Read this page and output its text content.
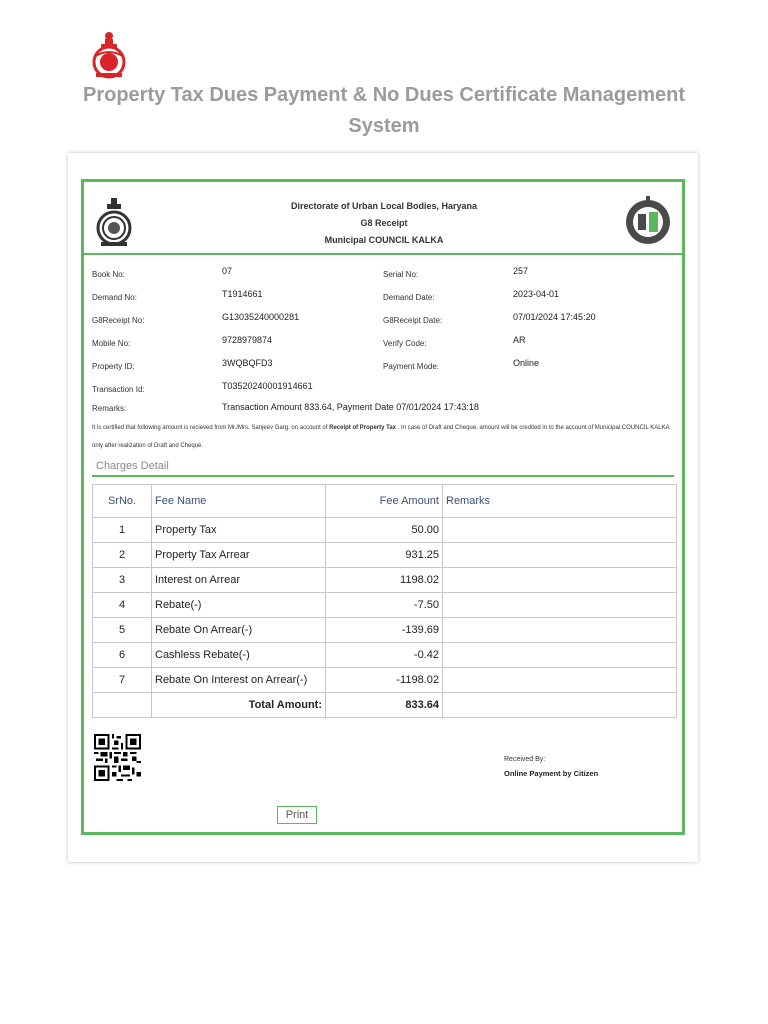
Property Tax Dues Payment & No Dues Certificate Management System
Directorate of Urban Local Bodies, Haryana
G8 Receipt
Municipal COUNCIL KALKA
Book No:	07	Serial No:	257
Demand No:	T1914661	Demand Date:	2023-04-01
G8Receipt No:	G13035240000281	G8Receipt Date:	07/01/2024 17:45:20
Mobile No:	9728979874	Verify Code:	AR
Property ID:	3WQBQFD3	Payment Mode:	Online
Transaction Id:	T03520240001914661
Remarks:	Transaction Amount 833.64, Payment Date 07/01/2024 17:43:18
It is certified that following amount is recieved from Mr./Mrs. Sanjeev Garg. on account of Receipt of Property Tax . In case of Draft and Cheque, amount will be credited in to the account of Municipal COUNCIL KALKA only after realization of Draft and Cheque.
Charges Detail
SrNo.	Fee Name	Fee Amount	Remarks
1	Property Tax	50.00	
2	Property Tax Arrear	931.25	
3	Interest on Arrear	1198.02	
4	Rebate(-)	-7.50	
5	Rebate On Arrear(-)	-139.69	
6	Cashless Rebate(-)	-0.42	
7	Rebate On Interest on Arrear(-)	-1198.02	
	Total Amount:	833.64	
Received By:
Online Payment by Citizen
Print
